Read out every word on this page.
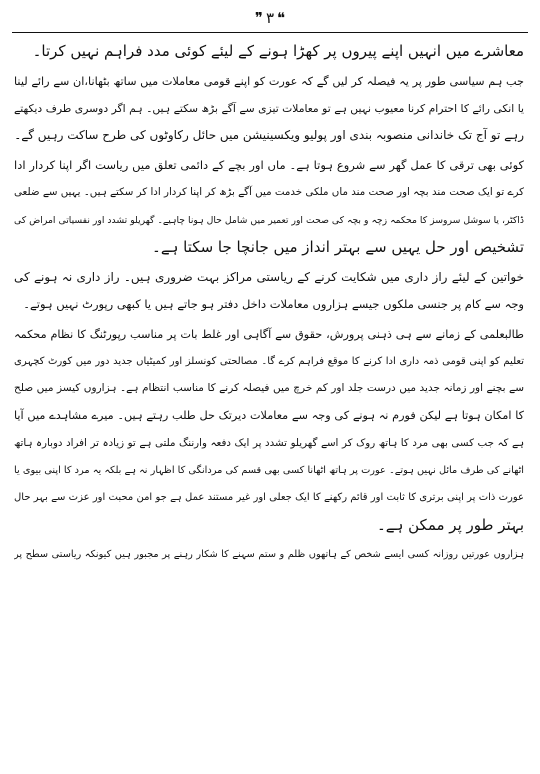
❞ ۳ ❝

معاشرے میں انہیں اپنے پیروں پر کھڑا ہونے کے لیئے کوئی مدد فراہم نہیں کرتا۔

جب ہم سیاسی طور پر یہ فیصلہ کر لیں گے کہ عورت کو اپنے قومی معاملات میں ساتھ بٹھانا،ان سے رائے لینا
یا انکی رائے کا احترام کرنا معیوب نہیں ہے تو معاملات تیزی سے آگے بڑھ سکتے ہیں۔ ہم اگر دوسری طرف دیکھتے
رہے تو آج تک خاندانی منصوبہ بندی اور پولیو ویکسینیشن میں حائل رکاوٹوں کی طرح ساکت رہیں گے۔

کوئی بھی ترقی کا عمل گھر سے شروع ہوتا ہے۔ ماں اور بچے کے دائمی تعلق میں ریاست اگر اپنا کردار ادا
کرے تو ایک صحت مند بچہ اور صحت مند ماں ملکی خدمت میں آگے بڑھ کر اپنا کردار ادا کر سکتے ہیں۔ یہیں سے ضلعی
ڈاکٹر، یا سوشل سروسز کا محکمہ زچہ و بچہ کی صحت اور تعمیر میں شامل حال ہونا چاہیے۔ گھریلو تشدد اور نفسیاتی امراض کی
تشخیص اور حل یہیں سے بہتر انداز میں جانچا جا سکتا ہے۔

خواتین کے لیئے راز داری میں شکایت کرنے کے ریاستی مراکز بہت ضروری ہیں۔ راز داری نہ ہونے کی
وجہ سے کام پر جنسی ملکوں جیسے ہزاروں معاملات داخل دفتر ہو جاتے ہیں یا کبھی رپورٹ نہیں ہوتے۔

طالبعلمی کے زمانے سے ہی ذہنی پرورش، حقوق سے آگاہی اور غلط بات پر مناسب رپورٹنگ کا نظام محکمہ
تعلیم کو اپنی قومی ذمہ داری ادا کرنے کا موقع فراہم کرے گا۔ مصالحتی کونسلز اور کمیٹیاں جدید دور میں کورٹ کچہری
سے بچنے اور زمانہ جدید میں درست جلد اور کم خرچ میں فیصلہ کرنے کا مناسب انتظام ہے۔ ہزاروں کیسز میں صلح
کا امکان ہوتا ہے لیکن فورم نہ ہونے کی وجہ سے معاملات دیرتک حل طلب رہتے ہیں۔ میرے مشاہدے میں آیا
ہے کہ جب کسی بھی مرد کا ہاتھ روک کر اسے گھریلو تشدد پر ایک دفعہ وارننگ ملتی ہے تو زیادہ تر افراد دوبارہ ہاتھ
اٹھانے کی طرف مائل نہیں ہوتے۔ عورت پر ہاتھ اٹھانا کسی بھی قسم کی مردانگی کا اظہار نہ ہے بلکہ یہ مرد کا اپنی بیوی یا
عورت ذات پر اپنی برتری کا ثابت اور قائم رکھنے کا ایک جعلی اور غیر مستند عمل ہے جو امن محبت اور عزت سے بہر حال
بہتر طور پر ممکن ہے۔

ہزاروں عورتیں روزانہ کسی ایسے شخص کے ہاتھوں ظلم و ستم سہنے کا شکار رہنے پر مجبور ہیں کیونکہ ریاستی سطح پر
